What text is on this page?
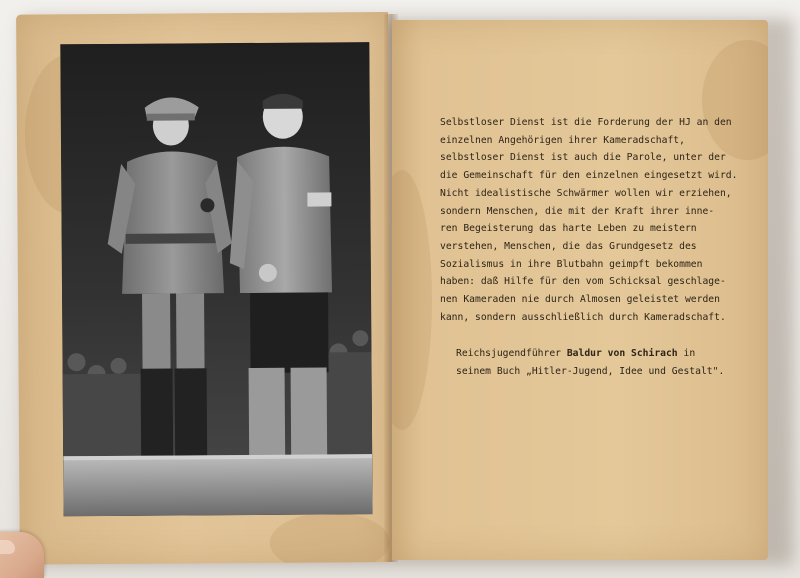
Selbstloser Dienst ist die Forderung der HJ an den
einzelnen Angehörigen ihrer Kameradschaft,
selbstloser Dienst ist auch die Parole, unter der
die Gemeinschaft für den einzelnen eingesetzt wird.
Nicht idealistische Schwärmer wollen wir erziehen,
sondern Menschen, die mit der Kraft ihrer inne-
ren Begeisterung das harte Leben zu meistern
verstehen, Menschen, die das Grundgesetz des
Sozialismus in ihre Blutbahn geimpft bekommen
haben: daß Hilfe für den vom Schicksal geschlage-
nen Kameraden nie durch Almosen geleistet werden
kann, sondern ausschließlich durch Kameradschaft.
Reichsjugendführer Baldur von Schirach in
seinem Buch „Hitler-Jugend, Idee und Gestalt".
